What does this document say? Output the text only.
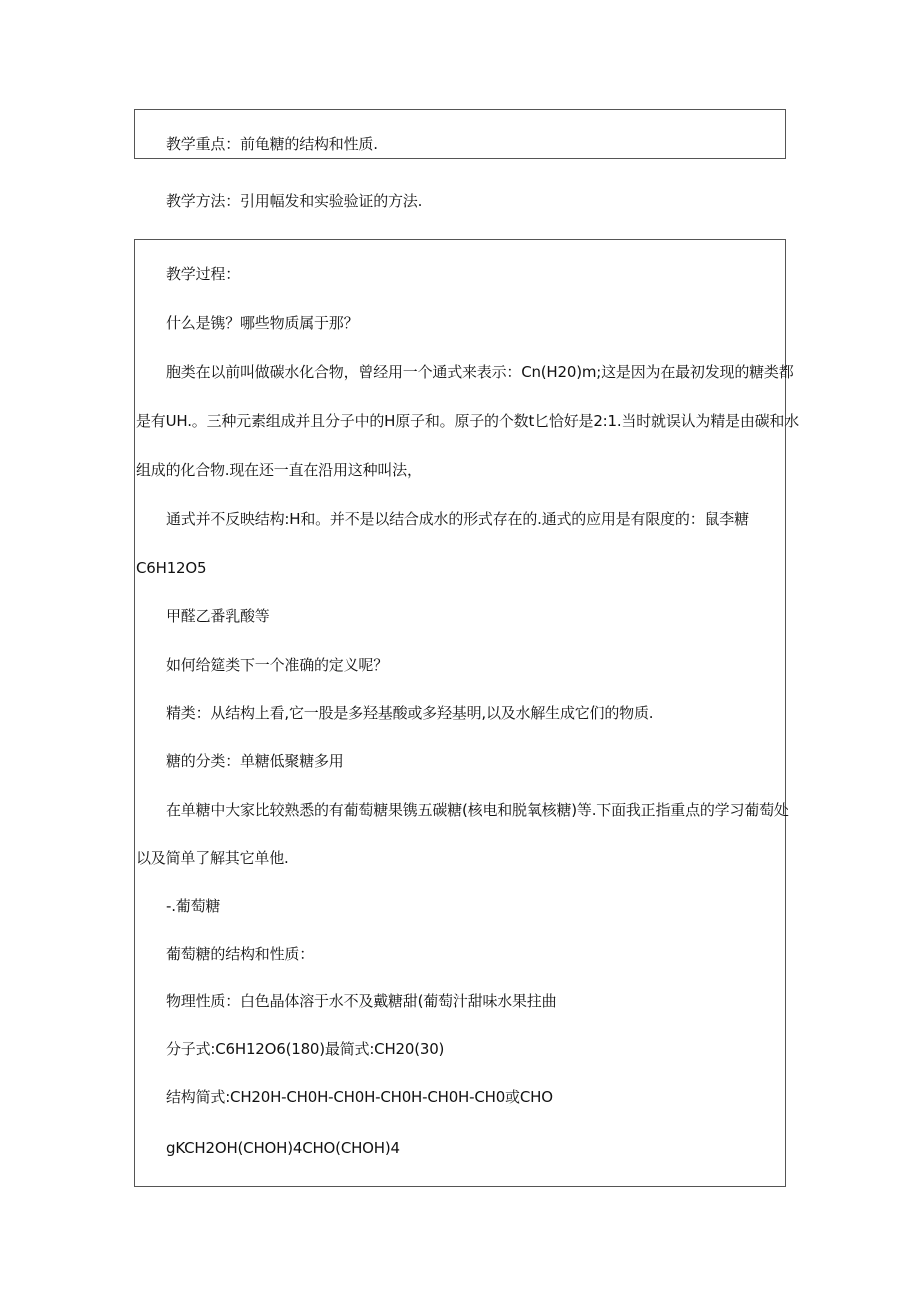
教学重点：前龟糖的结构和性质.
教学方法：引用幅发和实验验证的方法.
教学过程：
什么是镌？哪些物质属于那？
胞类在以前叫做碳水化合物，曾经用一个通式来表示：Cn(H20)m;这是因为在最初发现的糖类都
是有UH.。三种元素组成并且分子中的H原子和。原子的个数t匕恰好是2:1.当时就误认为精是由碳和水
组成的化合物.现在还一直在沿用这种叫法，
通式并不反映结构:H和。并不是以结合成水的形式存在的.通式的应用是有限度的：鼠李糖
C6H12O5
甲醛乙番乳酸等
如何给筵类下一个准确的定义呢？
精类：从结构上看,它一股是多羟基酸或多羟基明,以及水解生成它们的物质.
糖的分类：单糖低聚糖多用
在单糖中大家比较熟悉的有葡萄糖果镌五碳糖(核电和脱氧核糖)等.下面我正指重点的学习葡萄处
以及简单了解其它单他.
-.葡萄糖
葡萄糖的结构和性质：
物理性质：白色晶体溶于水不及戴糖甜(葡萄汁甜味水果拄曲
分子式:C6H12O6(180)最简式:CH20(30)
结构简式:CH20H-CH0H-CH0H-CH0H-CH0H-CH0或CHO
gKCH2OH(CHOH)4CHO(CHOH)4
